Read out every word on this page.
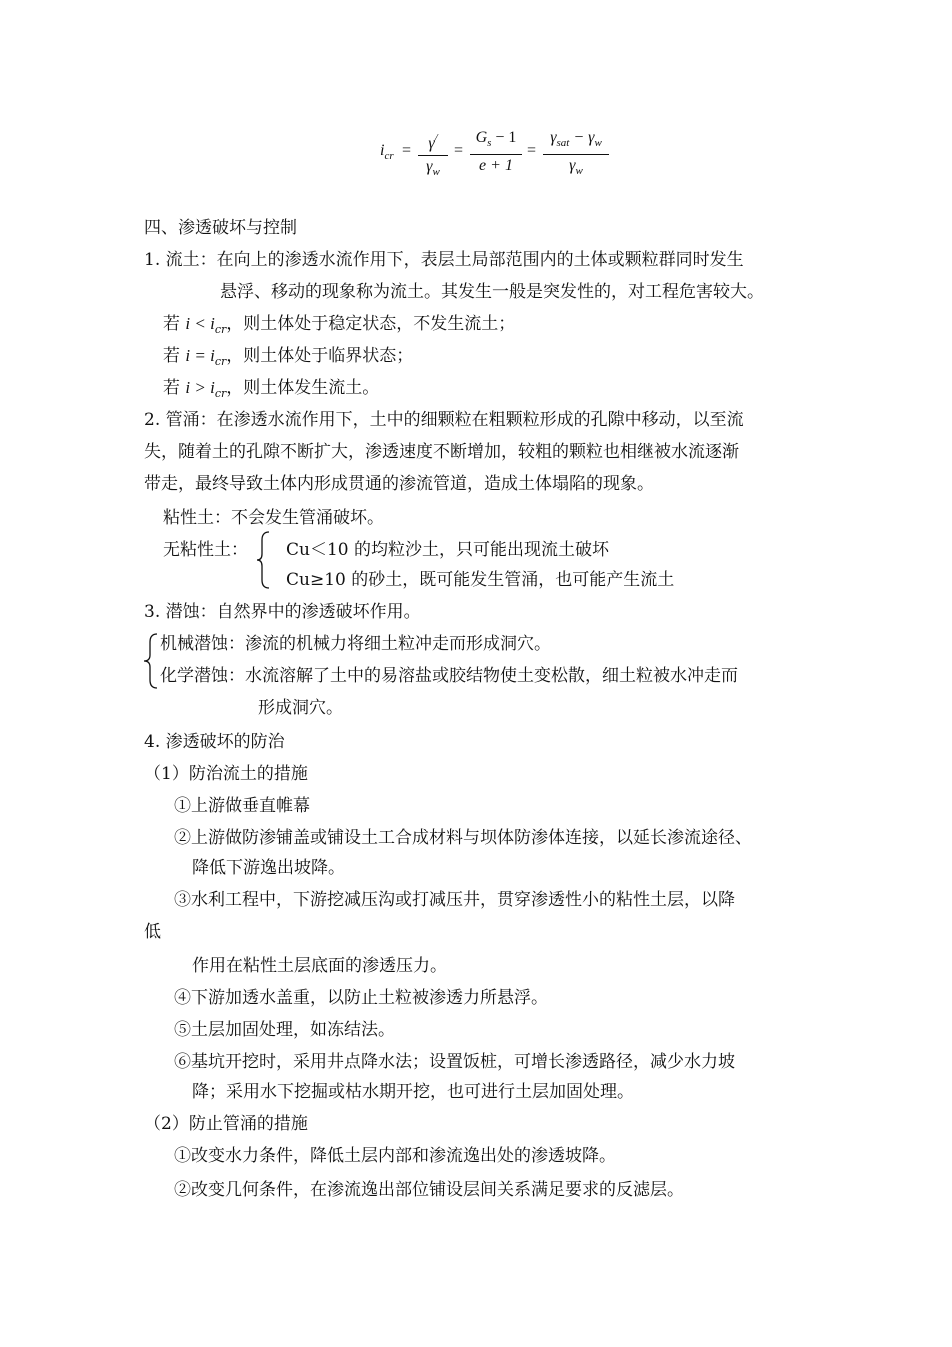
$i_{cr} = \frac{\gamma^/}{\gamma_w} = \frac{G_s - 1}{e + 1}$ =
$\gamma_{sat} - \gamma_w$
$\gamma_w$
四、渗透破坏与控制
1. 流土：在向上的渗透水流作用下，表层土局部范围内的土体或颗粒群同时发生
悬浮、移动的现象称为流土。其发生一般是突发性的，对工程危害较大。
若 $i < i_{cr}$，则土体处于稳定状态，不发生流土；
若 $i = i_{cr}$，则土体处于临界状态；
若 $i > i_{cr}$，则土体发生流土。
2. 管涌：在渗透水流作用下，土中的细颗粒在粗颗粒形成的孔隙中移动，以至流
失，随着土的孔隙不断扩大，渗透速度不断增加，较粗的颗粒也相继被水流逐渐
带走，最终导致土体内形成贯通的渗流管道，造成土体塌陷的现象。
粘性土：不会发生管涌破坏。
无粘性土： Cu＜10 的均粒沙土，只可能出现流土破坏
Cu≥10 的砂土，既可能发生管涌，也可能产生流土
3. 潜蚀：自然界中的渗透破坏作用。
机械潜蚀：渗流的机械力将细土粒冲走而形成洞穴。
化学潜蚀：水流溶解了土中的易溶盐或胶结物使土变松散，细土粒被水冲走而
形成洞穴。
4. 渗透破坏的防治
（1）防治流土的措施
①上游做垂直帷幕
②上游做防渗铺盖或铺设土工合成材料与坝体防渗体连接，以延长渗流途径、
降低下游逸出坡降。
③水利工程中，下游挖减压沟或打减压井，贯穿渗透性小的粘性土层，以降
低
作用在粘性土层底面的渗透压力。
④下游加透水盖重，以防止土粒被渗透力所悬浮。
⑤土层加固处理，如冻结法。
⑥基坑开挖时，采用井点降水法；设置饭桩，可增长渗透路径，减少水力坡
降；采用水下挖掘或枯水期开挖，也可进行土层加固处理。
（2）防止管涌的措施
①改变水力条件，降低土层内部和渗流逸出处的渗透坡降。
②改变几何条件，在渗流逸出部位铺设层间关系满足要求的反滤层。
